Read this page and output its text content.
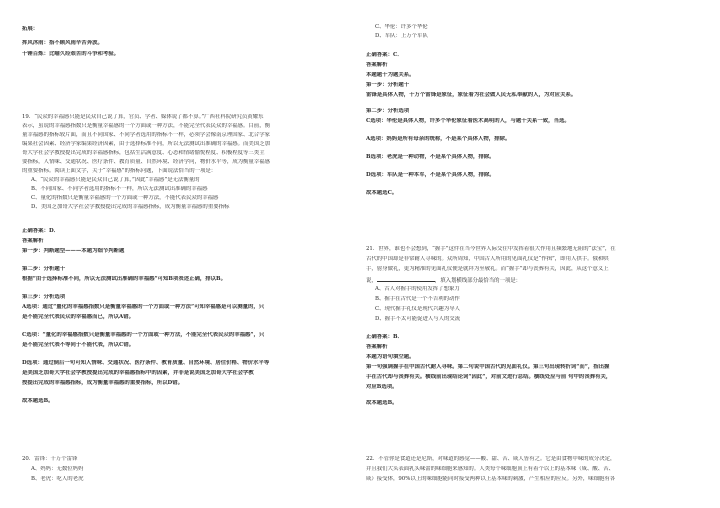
拓展：
挥风沐雨：指不顾风雨辛苦奔波。
千锤百炼：比喻久经艰苦的斗争和考验。
19．“民众的幸福感只能是民众自己说了算，官员、学者、媒体说了都不算。”广西社科院研究员黄耀东
表示，虽说的幸福感指数只是衡量幸福感的一个方面或一种方法，不能完全代表民众的幸福感。目前，衡
量幸福感的指标较片面，而且不同国家、不同学者选用的指标不一样，必须学会像南京理国家、北合学家
编果社会因素、经济学家编果经济因素，由于选择标准不同，所以无法测试出准确的幸福感。而美国芝加
哥大学社会学教授提出完成的幸福感指标，包括生活满意度、心态和情绪愉悦程度、积极程度等三类主
要指标，人情味、交通状况、医疗条件、教育质量、自然环境、经济学问，物价水平等，成为衡量幸福感
的重要指标。阅读上面文字，关于“幸福感”的指标问题，下面说法恰当的一项是：
A、“民众的幸福感只能是民众自己说了算，”因此“幸福感”是无法衡量的
B、不同国家、不同学者选用的指标不一样，所以无法测试出准确的幸福感
C、量化的指数只是衡量幸福感的一个方面或一种方法，不能代表民众的幸福感
D、美国芝加哥大学社会学教授提出完成的幸福感指标，成为衡量幸福感的重要指标
正确答案：D．
答案解析
第一步：判断题型———本题为细节判断题
第二步：分析题干
根据“由于选择标准不同，所以无法测试出准确的幸福感”可知B项表述正确，排以B。
第三步：分析选项
A选项：通过“量化的幸福感指数只是衡量幸福感的一个方面或一种方法”可知幸福感是可以测量的，只
是不能完全代表民众的幸福感而已，所以A错。
C选项：“量化的幸福感指数只是衡量幸福感的一个方面或一种方法，不能完全代表民众的幸福感”，只
是不能完全代表不等同于不能代表，所以C错。
D选项：通过倒后一句可知人情味、交通状况、医疗条件、教育质量、自然环境、居住价格、物价水平等
是美国芝加哥大学社会学教授提出完成的幸福感指标中的因素，并非是说美国芝加哥大学社会学教
授提出完成的幸福感指标，成为衡量幸福感的重要指标，所以D错。
故本题选B。
20．雷锋：千万个雷锋
A、妈妈：无数位妈妈
B、老虎：吃人的老虎
C、华伦：许多个华伦
D、军队：上万个军队
正确答案：C．
答案解析
本题题干为题关系。
第一步：分析题干
雷锋是具体人物，千万个雷锋是象征，象征着为社会做人民无私奉献的人，为对应关系。
第二步：分析选项
C选项：华伦是具体人物，许多个华伦象征着医术高明的人，与题干关系一致，当选。
A选项：妈妈是所有母亲的统称，不是某个具体人物，排除。
B选项：老虎是一种动物，不是某个具体人物，排除。
D选项：军队是一种本军，不是某个具体人物，排除。
故本题选C。
21．世界，谁也不会想到，“握手”这件在当今世界人际交往中发挥着很大作用且频繁地无阻的“法宝”，在
古代的中国却是非常耐人寻味的。众所周知，中国古人所用的见面礼仪是“作揖”，即用人拱手。俄和哄
手，射身做礼，更为精准的见面礼仪便是就拜为至敬礼。而“握手”却与丧葬有关，因此，从这个意义上
说，	，填入划横线部分最恰当的一项是：
A、古人对握手的使用发挥了想象力
B、握手在古代是一个不吉利的动作
C、现代握手礼仪是现代兴趣为导人
D、握手不太可能促进人与人的交流
正确答案：B．
答案解析
本题为语句填空题。
第一句强调握手在中国古代耐人寻味。第二句说中国古代的见面礼仪。第三句出现转折词“而”，指出握
手在古代却与丧葬有关。横线前出现结论词“因此”，对前文进行总结。横线处应与前 句中的丧葬有关，
对应B选项。
故本题选B。
22．不管你是食道还是尼斯，对味道的感觉——酸、甜、苦、咸人皆有之。它是由食物中味的成分决定，
并且我们大头表面乳头味蕾的味细胞来感知的。人类每个味细胞顶上有着个以上的基本味（咸、酸、苦、
咸）接受体，90%以上的味细胞能同时接受两种以上基本味的刺激，产生相应的应反。另外，味细胞有各
